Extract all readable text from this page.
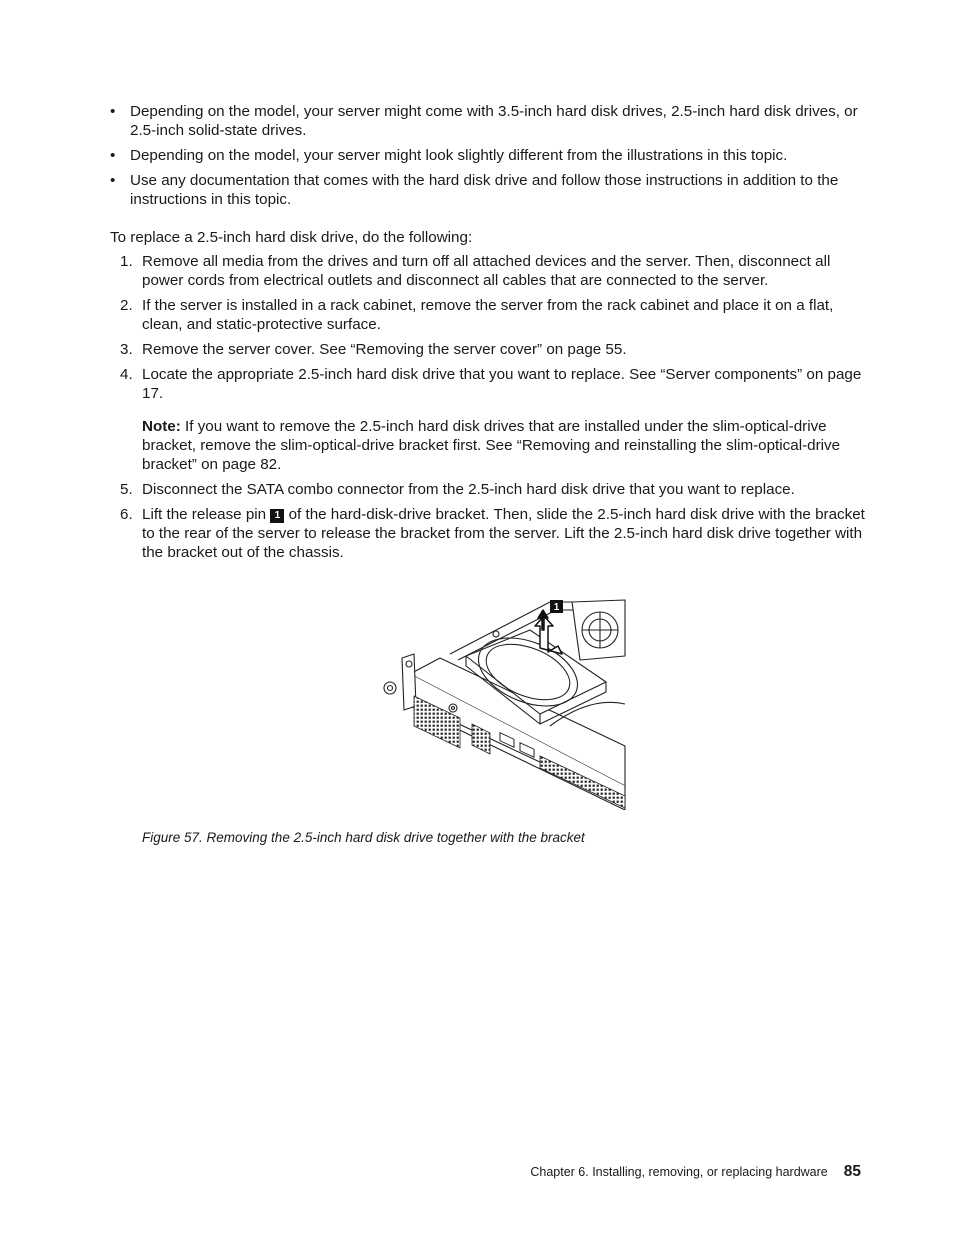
• Depending on the model, your server might come with 3.5-inch hard disk drives, 2.5-inch hard disk drives, or 2.5-inch solid-state drives.
• Depending on the model, your server might look slightly different from the illustrations in this topic.
• Use any documentation that comes with the hard disk drive and follow those instructions in addition to the instructions in this topic.
To replace a 2.5-inch hard disk drive, do the following:
1. Remove all media from the drives and turn off all attached devices and the server. Then, disconnect all power cords from electrical outlets and disconnect all cables that are connected to the server.
2. If the server is installed in a rack cabinet, remove the server from the rack cabinet and place it on a flat, clean, and static-protective surface.
3. Remove the server cover. See “Removing the server cover” on page 55.
4. Locate the appropriate 2.5-inch hard disk drive that you want to replace. See “Server components” on page 17.
Note: If you want to remove the 2.5-inch hard disk drives that are installed under the slim-optical-drive bracket, remove the slim-optical-drive bracket first. See “Removing and reinstalling the slim-optical-drive bracket” on page 82.
5. Disconnect the SATA combo connector from the 2.5-inch hard disk drive that you want to replace.
6. Lift the release pin 1 of the hard-disk-drive bracket. Then, slide the 2.5-inch hard disk drive with the bracket to the rear of the server to release the bracket from the server. Lift the 2.5-inch hard disk drive together with the bracket out of the chassis.
1
Figure 57. Removing the 2.5-inch hard disk drive together with the bracket
Chapter 6. Installing, removing, or replacing hardware 85
